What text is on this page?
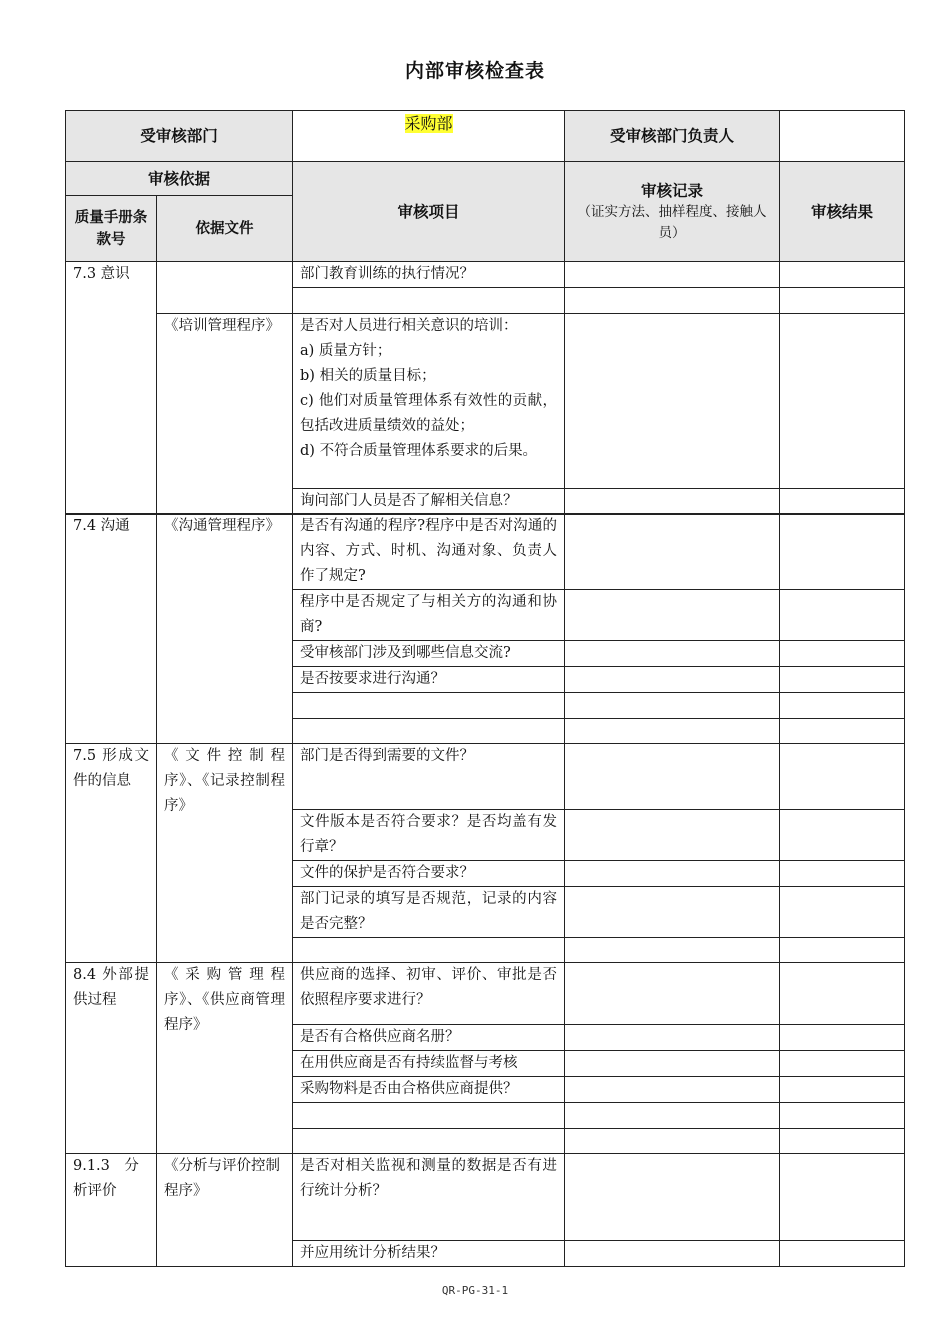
内部审核检查表
受审核部门		采购部	受审核部门负责人	
审核依据		审核项目	审核记录
（证实方法、抽样程度、接触人员）	审核结果
质量手册条款号	依据文件			
7.3 意识		部门教育训练的执行情况？		

	《培训管理程序》	是否对人员进行相关意识的培训：
a) 质量方针；
b) 相关的质量目标；
c) 他们对质量管理体系有效性的贡献，包括改进质量绩效的益处；
d) 不符合质量管理体系要求的后果。		

		询问部门人员是否了解相关信息？		
7.4 沟通	《沟通管理程序》	是否有沟通的程序?程序中是否对沟通的内容、方式、时机、沟通对象、负责人作了规定?		
		程序中是否规定了与相关方的沟通和协商?		
		受审核部门涉及到哪些信息交流?		
		是否按要求进行沟通？		

7.5 形成文件的信息	《文件控制程序》、《记录控制程序》	部门是否得到需要的文件？		
		文件版本是否符合要求？是否均盖有发行章？		
		文件的保护是否符合要求？		
		部门记录的填写是否规范，记录的内容是否完整？		

8.4 外部提供过程	《采购管理程序》、《供应商管理程序》	供应商的选择、初审、评价、审批是否依照程序要求进行？		
		是否有合格供应商名册？		
		在用供应商是否有持续监督与考核		
		采购物料是否由合格供应商提供？		

9.1.3　分析评价	《分析与评价控制程序》	是否对相关监视和测量的数据是否有进行统计分析？		
		并应用统计分析结果？		
QR-PG-31-1
